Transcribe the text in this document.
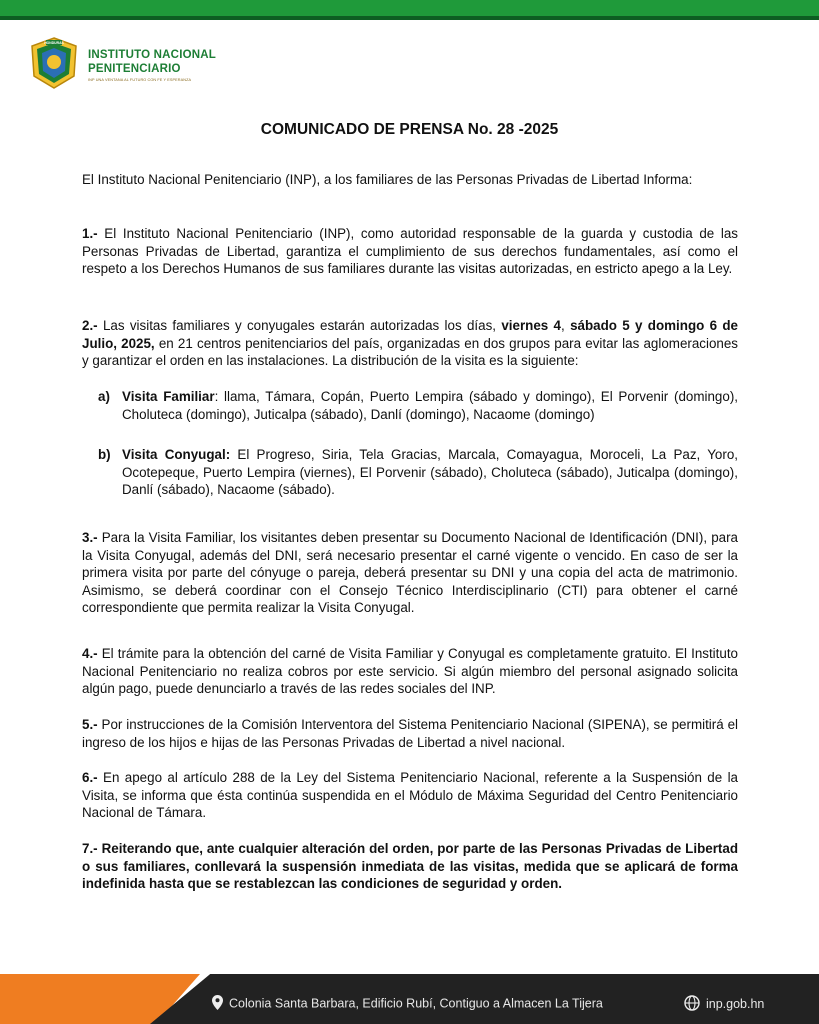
HONDURAS
INSTITUTO NACIONAL
PENITENCIARIO
INP UNA VENTANA AL FUTURO CON FE Y ESPERANZA
COMUNICADO DE PRENSA No. 28 -2025
El Instituto Nacional Penitenciario (INP), a los familiares de las Personas Privadas de Libertad Informa:
1.- El Instituto Nacional Penitenciario (INP), como autoridad responsable de la guarda y custodia de las Personas Privadas de Libertad, garantiza el cumplimiento de sus derechos fundamentales, así como el respeto a los Derechos Humanos de sus familiares durante las visitas autorizadas, en estricto apego a la Ley.
2.- Las visitas familiares y conyugales estarán autorizadas los días, viernes 4, sábado 5 y domingo 6 de Julio, 2025, en 21 centros penitenciarios del país, organizadas en dos grupos para evitar las aglomeraciones y garantizar el orden en las instalaciones. La distribución de la visita es la siguiente:
a) Visita Familiar: llama, Támara, Copán, Puerto Lempira (sábado y domingo), El Porvenir (domingo), Choluteca (domingo), Juticalpa (sábado), Danlí (domingo), Nacaome (domingo)
b) Visita Conyugal: El Progreso, Siria, Tela Gracias, Marcala, Comayagua, Moroceli, La Paz, Yoro, Ocotepeque, Puerto Lempira (viernes), El Porvenir (sábado), Choluteca (sábado), Juticalpa (domingo), Danlí (sábado), Nacaome (sábado).
3.- Para la Visita Familiar, los visitantes deben presentar su Documento Nacional de Identificación (DNI), para la Visita Conyugal, además del DNI, será necesario presentar el carné vigente o vencido. En caso de ser la primera visita por parte del cónyuge o pareja, deberá presentar su DNI y una copia del acta de matrimonio. Asimismo, se deberá coordinar con el Consejo Técnico Interdisciplinario (CTI) para obtener el carné correspondiente que permita realizar la Visita Conyugal.
4.- El trámite para la obtención del carné de Visita Familiar y Conyugal es completamente gratuito. El Instituto Nacional Penitenciario no realiza cobros por este servicio. Si algún miembro del personal asignado solicita algún pago, puede denunciarlo a través de las redes sociales del INP.
5.- Por instrucciones de la Comisión Interventora del Sistema Penitenciario Nacional (SIPENA), se permitirá el ingreso de los hijos e hijas de las Personas Privadas de Libertad a nivel nacional.
6.- En apego al artículo 288 de la Ley del Sistema Penitenciario Nacional, referente a la Suspensión de la Visita, se informa que ésta continúa suspendida en el Módulo de Máxima Seguridad del Centro Penitenciario Nacional de Támara.
7.- Reiterando que, ante cualquier alteración del orden, por parte de las Personas Privadas de Libertad o sus familiares, conllevará la suspensión inmediata de las visitas, medida que se aplicará de forma indefinida hasta que se restablezcan las condiciones de seguridad y orden.
Colonia Santa Barbara, Edificio Rubí, Contiguo a Almacen La Tijera	inp.gob.hn
